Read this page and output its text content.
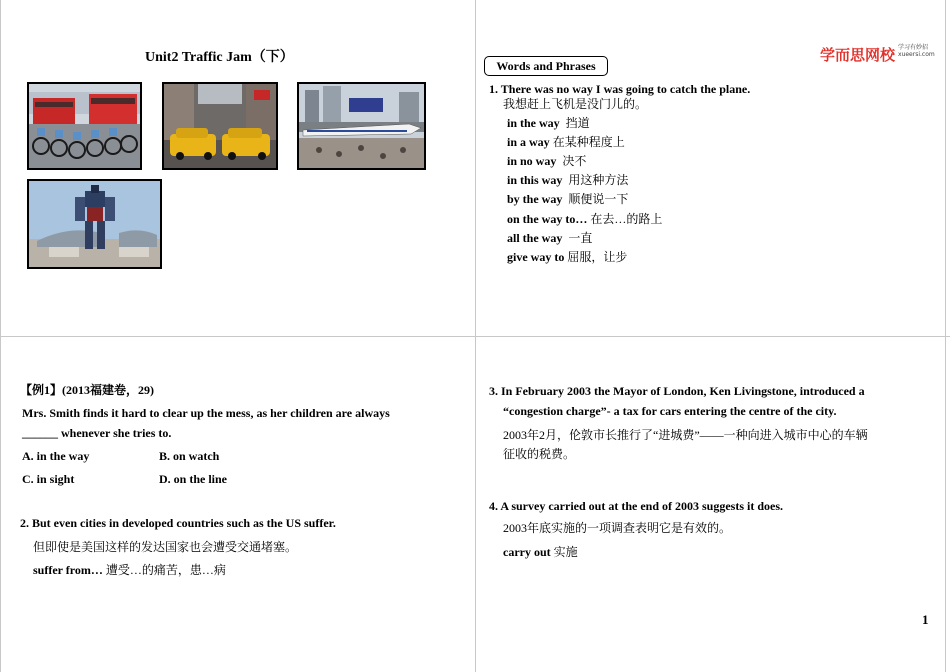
Unit2 Traffic Jam（下）
Words and Phrases
学而思网校 学习有妙招
xueersi.com
1. There was no way I was going to catch the plane.
我想赶上飞机是没门儿的。
in the way 挡道
in a way 在某种程度上
in no way 决不
in this way 用这种方法
by the way 顺便说一下
on the way to… 在去…的路上
all the way 一直
give way to 屈服，让步
【例1】(2013福建卷，29)
Mrs. Smith finds it hard to clear up the mess, as her children are always
______ whenever she tries to.
A. in the way	B. on watch
C. in sight	D. on the line
2. But even cities in developed countries such as the US suffer.
但即使是美国这样的发达国家也会遭受交通堵塞。
suffer from… 遭受…的痛苦，患…病
3. In February 2003 the Mayor of London, Ken Livingstone, introduced a
“congestion charge”- a tax for cars entering the centre of the city.
2003年2月，伦敦市长推行了“进城费”——一种向进入城市中心的车辆
征收的税费。
4. A survey carried out at the end of 2003 suggests it does.
2003年底实施的一项调查表明它是有效的。
carry out 实施
1
